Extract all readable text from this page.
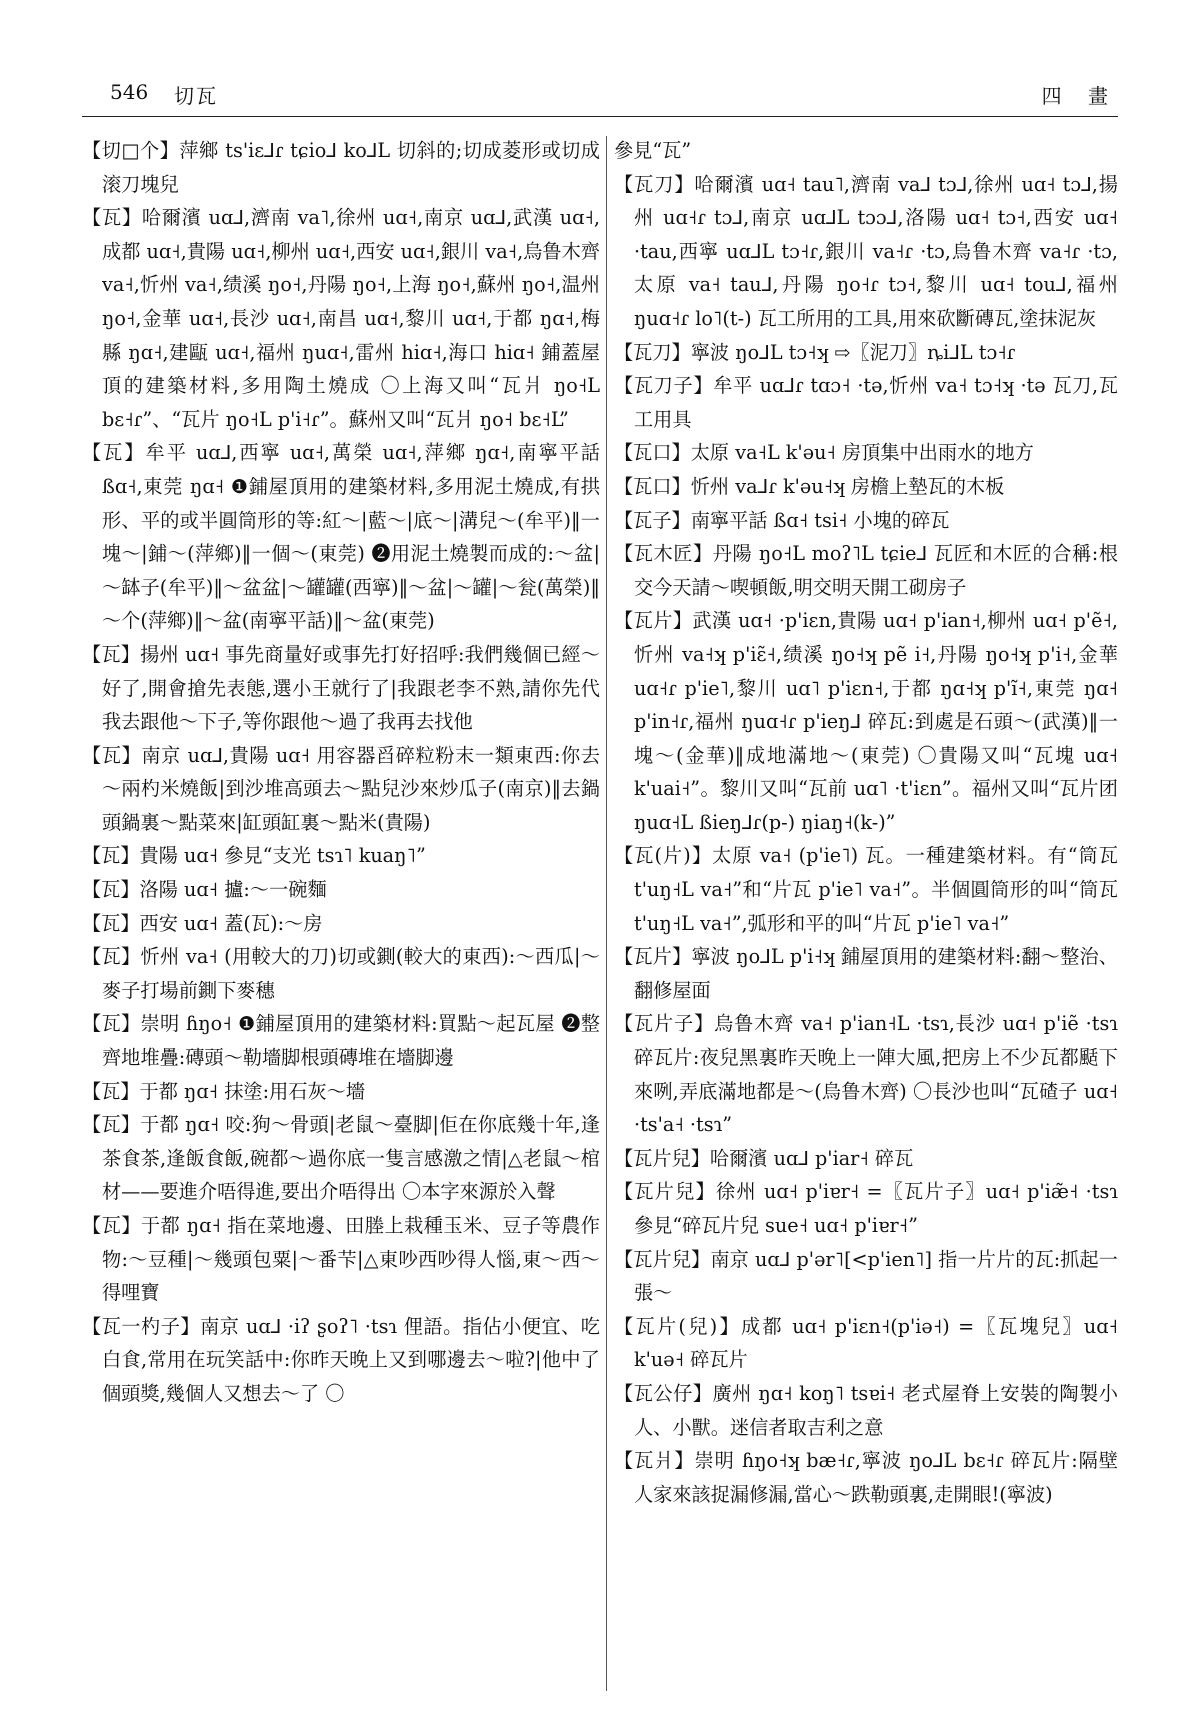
546 切瓦	四 畫

【切□个】萍鄉 ts'iɛ⅃ɾ tɕio⅃ ko⅃L 切斜的;切成菱形或切成滚刀塊兒

【瓦】哈爾濱 uɑ⅃,濟南 va˥,徐州 uɑ˧,南京 uɑ⅃,武漢 uɑ˧,成都 uɑ˧,貴陽 uɑ˧,柳州 uɑ˧,西安 uɑ˧,銀川 va˧,烏鲁木齊 va˧,忻州 va˧,绩溪 ŋo˧,丹陽 ŋo˧,上海 ŋo˧,蘇州 ŋo˧,温州 ŋo˧,金華 uɑ˧,長沙 uɑ˧,南昌 uɑ˧,黎川 uɑ˧,于都 ŋɑ˧,梅縣 ŋɑ˧,建甌 uɑ˧,福州 ŋuɑ˧,雷州 hiɑ˧,海口 hiɑ˧ 鋪蓋屋頂的建築材料,多用陶土燒成 〇上海又叫“瓦爿 ŋo˧L bɛ˧ɾ”、“瓦片 ŋo˧L p'i˧ɾ”。蘇州又叫“瓦爿 ŋo˧ bɛ˧L”

【瓦】牟平 uɑ⅃,西寧 uɑ˧,萬榮 uɑ˧,萍鄉 ŋɑ˧,南寧平話 ßɑ˧,東莞 ŋɑ˧ ❶鋪屋頂用的建築材料,多用泥土燒成,有拱形、平的或半圓筒形的等:紅～|藍～|底～|溝兒～(牟平)‖一塊～|鋪～(萍鄉)‖一個～(東莞) ❷用泥土燒製而成的:～盆|～缽子(牟平)‖～盆盆|～罐罐(西寧)‖～盆|～罐|～瓮(萬榮)‖～个(萍鄉)‖～盆(南寧平話)‖～盆(東莞)

【瓦】揚州 uɑ˧ 事先商量好或事先打好招呼:我們幾個已經～好了,開會搶先表態,選小王就行了|我跟老李不熟,請你先代我去跟他～下子,等你跟他～過了我再去找他

【瓦】南京 uɑ⅃,貴陽 uɑ˧ 用容器舀碎粒粉末一類東西:你去～兩杓米燒飯|到沙堆高頭去～點兒沙來炒瓜子(南京)‖去鍋頭鍋裏～點菜來|缸頭缸裏～點米(貴陽)

【瓦】貴陽 uɑ˧ 參見“支光 tsɿ˥ kuaŋ˥”

【瓦】洛陽 uɑ˧ 攎:～一碗麵

【瓦】西安 uɑ˧ 蓋(瓦):～房

【瓦】忻州 va˧ (用較大的刀)切或鍘(較大的東西):～西瓜|～麥子打場前鍘下麥穗

【瓦】崇明 ɦŋo˧ ❶鋪屋頂用的建築材料:買點～起瓦屋 ❷整齊地堆疊:磚頭～勒墻脚根頭磚堆在墻脚邊

【瓦】于都 ŋɑ˧ 抹塗:用石灰～墻

【瓦】于都 ŋɑ˧ 咬:狗～骨頭|老鼠～臺脚|佢在你底幾十年,逢茶食茶,逢飯食飯,碗都～過你底一隻言感激之情|△老鼠～棺材——要進介唔得進,要出介唔得出 〇本字來源於入聲

【瓦】于都 ŋɑ˧ 指在菜地邊、田塍上栽種玉米、豆子等農作物:～豆種|～幾頭包粟|～番芐|△東吵西吵得人惱,東～西～得哩寶

【瓦一杓子】南京 uɑ⅃ ·iʔ ʂoʔ˥ ·tsɿ 俚語。指佔小便宜、吃白食,常用在玩笑話中:你昨天晚上又到哪邊去～啦?|他中了個頭獎,幾個人又想去～了 〇

參見“瓦”

【瓦刀】哈爾濱 uɑ˧ tau˥,濟南 va⅃ tɔ⅃,徐州 uɑ˧ tɔ⅃,揚州 uɑ˧ɾ tɔ⅃,南京 uɑ⅃L tɔɔ⅃,洛陽 uɑ˧ tɔ˧,西安 uɑ˧ ·tau,西寧 uɑ⅃L tɔ˧ɾ,銀川 va˧ɾ ·tɔ,烏鲁木齊 va˧ɾ ·tɔ,太原 va˧ tau⅃,丹陽 ŋo˧ɾ tɔ˧,黎川 uɑ˧ tou⅃,福州 ŋuɑ˧ɾ lo˥(t-) 瓦工所用的工具,用來砍斷磚瓦,塗抹泥灰

【瓦刀】寧波 ŋo⅃L tɔ˧ʞ ⇨〖泥刀〗ȵi⅃L tɔ˧ɾ

【瓦刀子】牟平 uɑ⅃ɾ tɑɔ˧ ·tə,忻州 va˧ tɔ˧ʞ ·tə 瓦刀,瓦工用具

【瓦口】太原 va˧L k'əu˧ 房頂集中出雨水的地方

【瓦口】忻州 va⅃ɾ k'əu˧ʞ 房檐上墊瓦的木板

【瓦子】南寧平話 ßɑ˧ tsi˧ 小塊的碎瓦

【瓦木匠】丹陽 ŋo˧L moʔ˥L tɕie⅃ 瓦匠和木匠的合稱:根交今天請～喫頓飯,明交明天開工砌房子

【瓦片】武漢 uɑ˧ ·p'iɛn,貴陽 uɑ˧ p'ian˧,柳州 uɑ˧ p'ẽ˧,忻州 va˧ʞ p'iɛ̃˧,绩溪 ŋo˧ʞ pẽ i˧,丹陽 ŋo˧ʞ p'i˧,金華 uɑ˧ɾ p'ie˥,黎川 uɑ˥ p'iɛn˧,于都 ŋɑ˧ʞ p'ĩ˧,東莞 ŋɑ˧ p'in˧ɾ,福州 ŋuɑ˧ɾ p'ieŋ⅃ 碎瓦:到處是石頭～(武漢)‖一塊～(金華)‖成地滿地～(東莞) 〇貴陽又叫“瓦塊 uɑ˧ k'uai˧”。黎川又叫“瓦前 uɑ˥ ·t'iɛn”。福州又叫“瓦片团 ŋuɑ˧L ßieŋ⅃ɾ(p-) ŋiaŋ˧(k-)”

【瓦(片)】太原 va˧ (p'ie˥) 瓦。一種建築材料。有“筒瓦 t'uŋ˧L va˧”和“片瓦 p'ie˥ va˧”。半個圓筒形的叫“筒瓦 t'uŋ˧L va˧”,弧形和平的叫“片瓦 p'ie˥ va˧”

【瓦片】寧波 ŋo⅃L p'i˧ʞ 鋪屋頂用的建築材料:翻～整治、翻修屋面

【瓦片子】烏鲁木齊 va˧ p'ian˧L ·tsɿ,長沙 uɑ˧ p'iẽ ·tsɿ 碎瓦片:夜兒黑裏昨天晚上一陣大風,把房上不少瓦都颳下來咧,弄底滿地都是～(烏鲁木齊) 〇長沙也叫“瓦碴子 uɑ˧ ·ts'a˧ ·tsɿ”

【瓦片兒】哈爾濱 uɑ⅃ p'iar˧ 碎瓦

【瓦片兒】徐州 uɑ˧ p'iɐr˧ =〖瓦片子〗uɑ˧ p'iæ̃˧ ·tsɿ 參見“碎瓦片兒 sue˧ uɑ˧ p'iɐr˧”

【瓦片兒】南京 uɑ⅃ p'ər˥[<p'ien˥] 指一片片的瓦:抓起一張～

【瓦片(兒)】成都 uɑ˧ p'iɛn˧(p'iə˧) =〖瓦塊兒〗uɑ˧ k'uə˧ 碎瓦片

【瓦公仔】廣州 ŋɑ˧ koŋ˥ tsɐi˧ 老式屋脊上安裝的陶製小人、小獸。迷信者取吉利之意

【瓦爿】崇明 ɦŋo˧ʞ bæ˧ɾ,寧波 ŋo⅃L bɛ˧ɾ 碎瓦片:隔壁人家來該捉漏修漏,當心～跌勒頭裏,走開眼!(寧波)
